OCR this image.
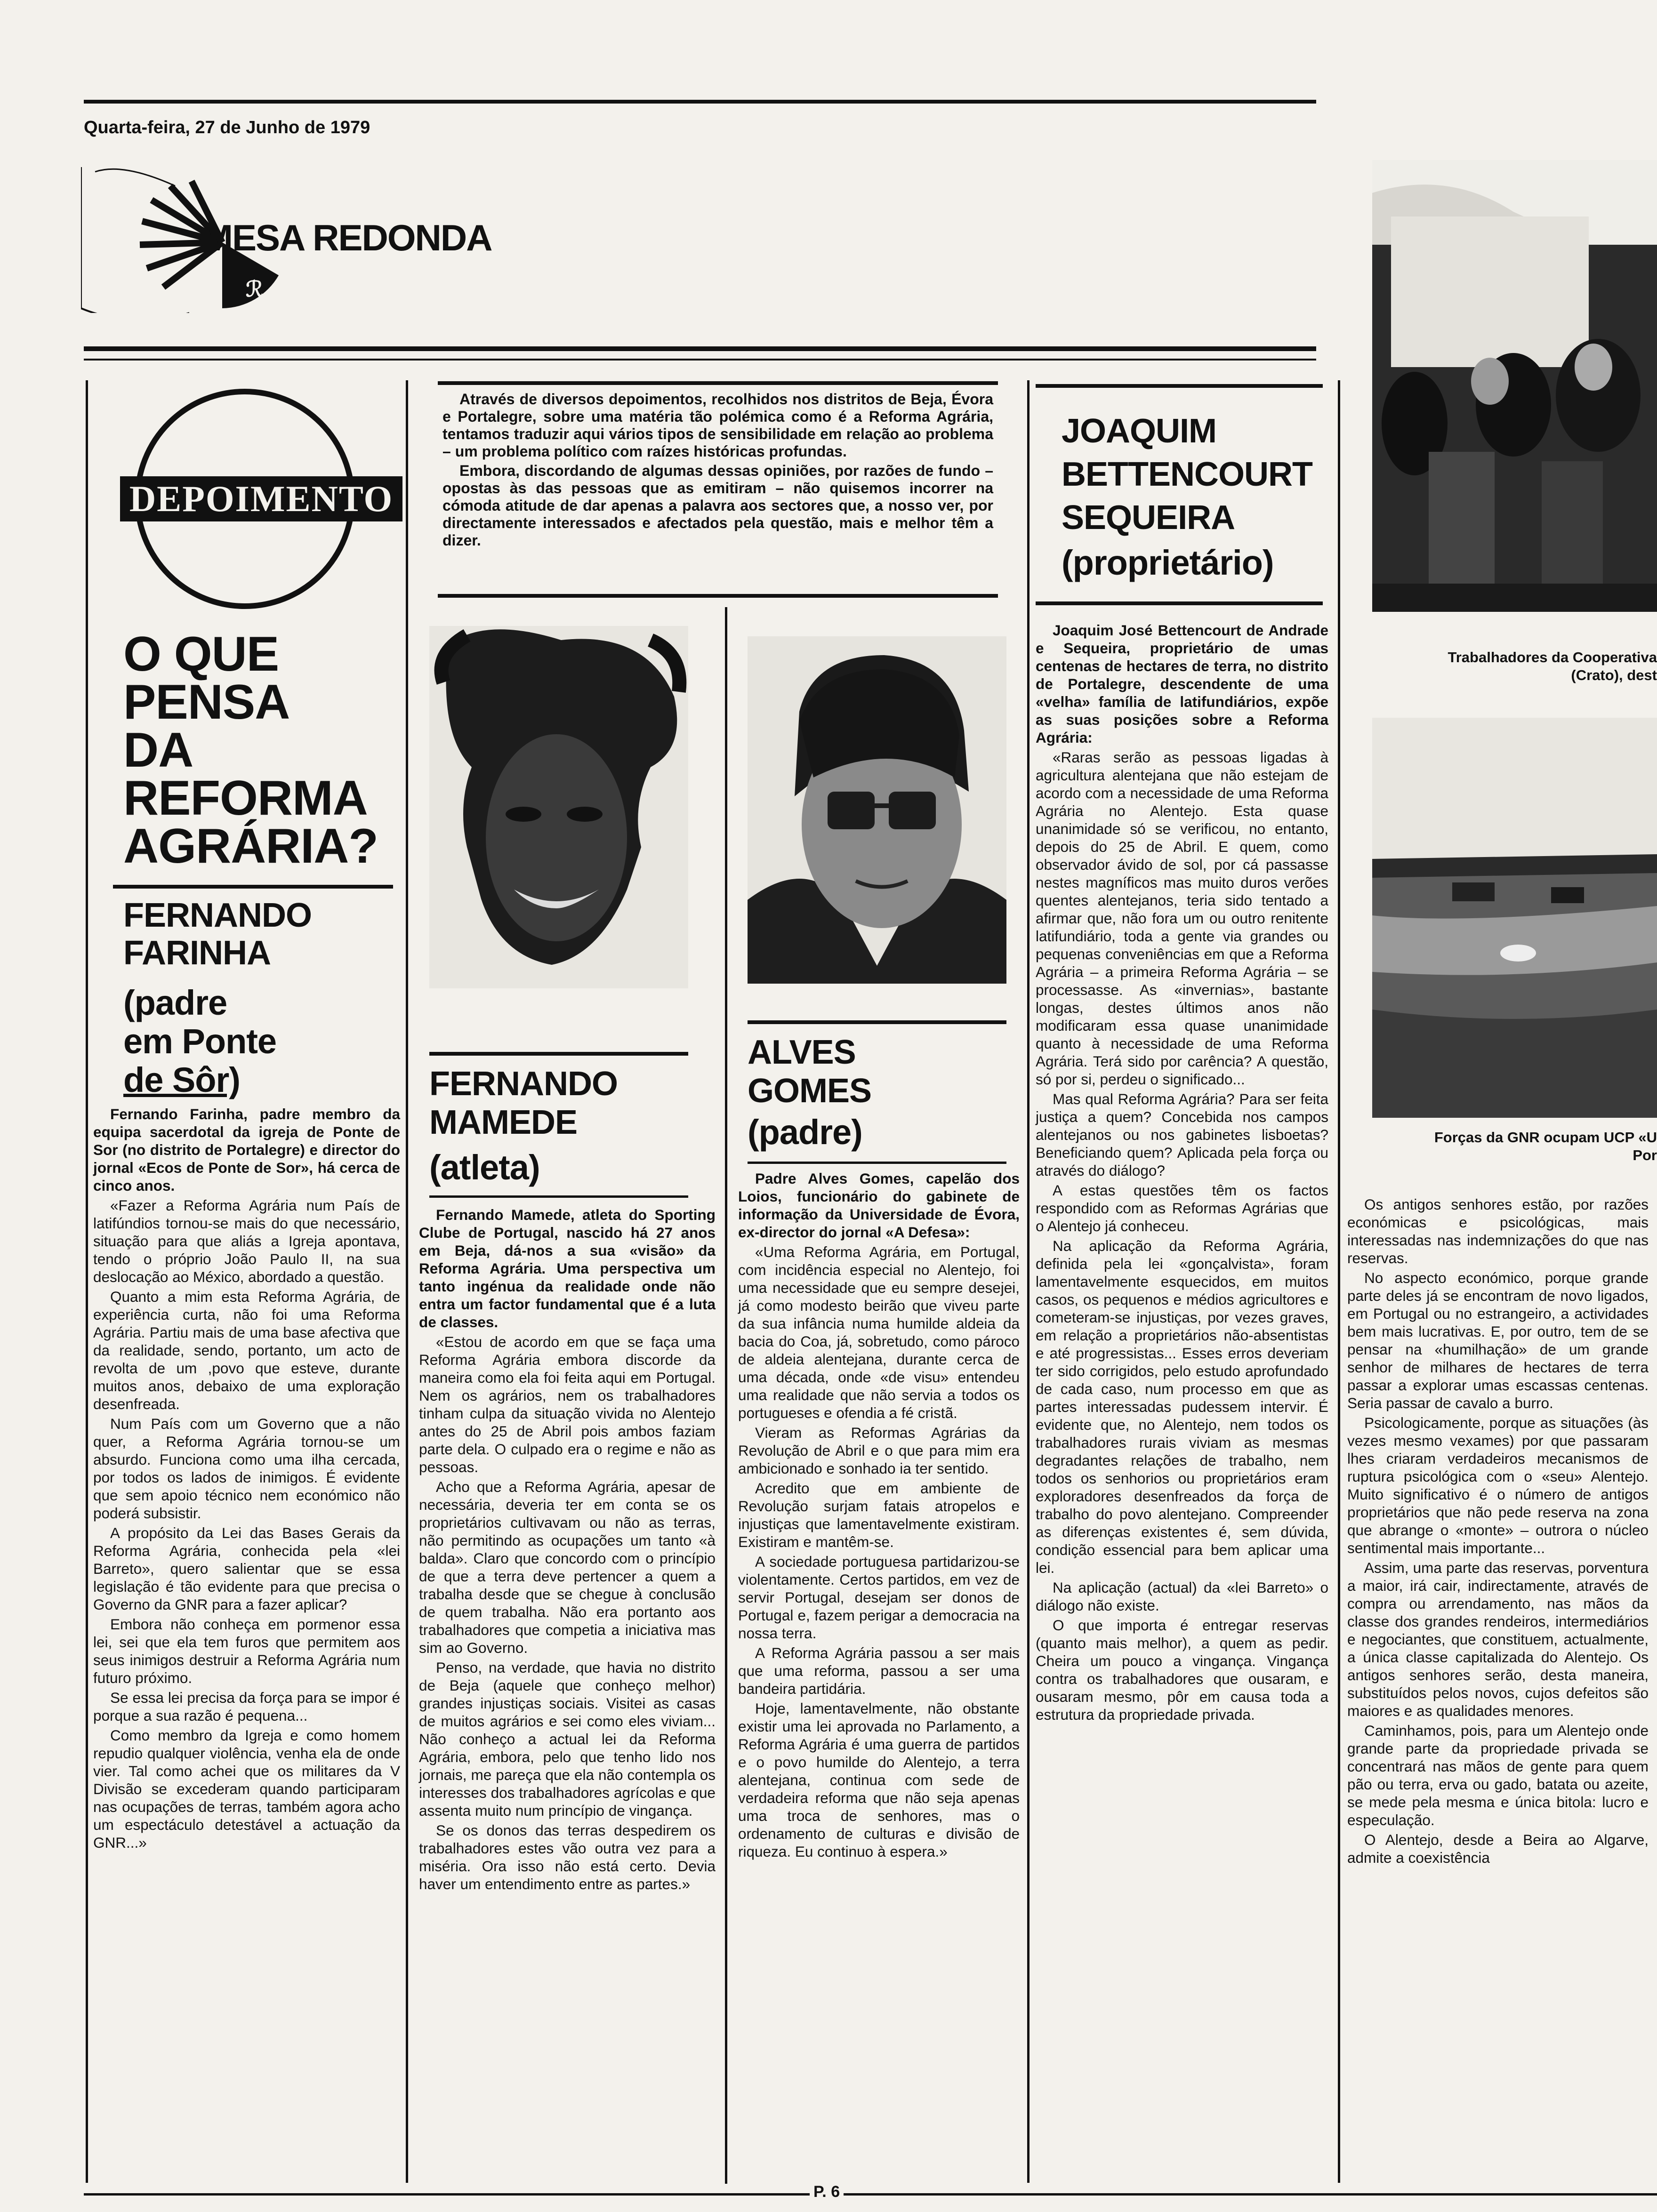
Quarta-feira, 27 de Junho de 1979
ℛ
MESA REDONDA
DEPOIMENTO
O QUE
PENSA
DA
REFORMA
AGRÁRIA?
FERNANDO
FARINHA
(padre
em Ponte
de Sôr)

Fernando Farinha, padre membro da equipa sacerdotal da igreja de Ponte de Sor (no distrito de Portalegre) e director do jornal «Ecos de Ponte de Sor», há cerca de cinco anos.

«Fazer a Reforma Agrária num País de latifúndios tornou-se mais do que necessário, situação para que aliás a Igreja apontava, tendo o próprio João Paulo II, na sua deslocação ao México, abordado a questão.

Quanto a mim esta Reforma Agrária, de experiência curta, não foi uma Reforma Agrária. Partiu mais de uma base afectiva que da realidade, sendo, portanto, um acto de revolta de um ,povo que esteve, durante muitos anos, debaixo de uma exploração desenfreada.

Num País com um Governo que a não quer, a Reforma Agrária tornou-se um absurdo. Funciona como uma ilha cercada, por todos os lados de inimigos. É evidente que sem apoio técnico nem económico não poderá subsistir.

A propósito da Lei das Bases Gerais da Reforma Agrária, conhecida pela «lei Barreto», quero salientar que se essa legislação é tão evidente para que precisa o Governo da GNR para a fazer aplicar?

Embora não conheça em pormenor essa lei, sei que ela tem furos que permitem aos seus inimigos destruir a Reforma Agrária num futuro próximo.

Se essa lei precisa da força para se impor é porque a sua razão é pequena...

Como membro da Igreja e como homem repudio qualquer violência, venha ela de onde vier. Tal como achei que os militares da V Divisão se excederam quando participaram nas ocupações de terras, também agora acho um espectáculo detestável a actuação da GNR...»

Através de diversos depoimentos, recolhidos nos distritos de Beja, Évora e Portalegre, sobre uma matéria tão polémica como é a Reforma Agrária, tentamos traduzir aqui vários tipos de sensibilidade em relação ao problema – um problema político com raízes históricas profundas.

Embora, discordando de algumas dessas opiniões, por razões de fundo – opostas às das pessoas que as emitiram – não quisemos incorrer na cómoda atitude de dar apenas a palavra aos sectores que, a nosso ver, por directamente interessados e afectados pela questão, mais e melhor têm a dizer.

FERNANDO
MAMEDE
(atleta)

Fernando Mamede, atleta do Sporting Clube de Portugal, nascido há 27 anos em Beja, dá-nos a sua «visão» da Reforma Agrária. Uma perspectiva um tanto ingénua da realidade onde não entra um factor fundamental que é a luta de classes.

«Estou de acordo em que se faça uma Reforma Agrária embora discorde da maneira como ela foi feita aqui em Portugal. Nem os agrários, nem os trabalhadores tinham culpa da situação vivida no Alentejo antes do 25 de Abril pois ambos faziam parte dela. O culpado era o regime e não as pessoas.

Acho que a Reforma Agrária, apesar de necessária, deveria ter em conta se os proprietários cultivavam ou não as terras, não permitindo as ocupações um tanto «à balda». Claro que concordo com o princípio de que a terra deve pertencer a quem a trabalha desde que se chegue à conclusão de quem trabalha. Não era portanto aos trabalhadores que competia a iniciativa mas sim ao Governo.

Penso, na verdade, que havia no distrito de Beja (aquele que conheço melhor) grandes injustiças sociais. Visitei as casas de muitos agrários e sei como eles viviam... Não conheço a actual lei da Reforma Agrária, embora, pelo que tenho lido nos jornais, me pareça que ela não contempla os interesses dos trabalhadores agrícolas e que assenta muito num princípio de vingança.

Se os donos das terras despedirem os trabalhadores estes vão outra vez para a miséria. Ora isso não está certo. Devia haver um entendimento entre as partes.»

ALVES
GOMES
(padre)

Padre Alves Gomes, capelão dos Loios, funcionário do gabinete de informação da Universidade de Évora, ex-director do jornal «A Defesa»:

«Uma Reforma Agrária, em Portugal, com incidência especial no Alentejo, foi uma necessidade que eu sempre desejei, já como modesto beirão que viveu parte da sua infância numa humilde aldeia da bacia do Coa, já, sobretudo, como pároco de aldeia alentejana, durante cerca de uma década, onde «de visu» entendeu uma realidade que não servia a todos os portugueses e ofendia a fé cristã.

Vieram as Reformas Agrárias da Revolução de Abril e o que para mim era ambicionado e sonhado ia ter sentido.

Acredito que em ambiente de Revolução surjam fatais atropelos e injustiças que lamentavelmente existiram. Existiram e mantêm-se.

A sociedade portuguesa partidarizou-se violentamente. Certos partidos, em vez de servir Portugal, desejam ser donos de Portugal e, fazem perigar a democracia na nossa terra.

A Reforma Agrária passou a ser mais que uma reforma, passou a ser uma bandeira partidária.

Hoje, lamentavelmente, não obstante existir uma lei aprovada no Parlamento, a Reforma Agrária é uma guerra de partidos e o povo humilde do Alentejo, a terra alentejana, continua com sede de verdadeira reforma que não seja apenas uma troca de senhores, mas o ordenamento de culturas e divisão de riqueza. Eu continuo à espera.»

JOAQUIM
BETTENCOURT
SEQUEIRA
(proprietário)

Joaquim José Bettencourt de Andrade e Sequeira, proprietário de umas centenas de hectares de terra, no distrito de Portalegre, descendente de uma «velha» família de latifundiários, expõe as suas posições sobre a Reforma Agrária:

«Raras serão as pessoas ligadas à agricultura alentejana que não estejam de acordo com a necessidade de uma Reforma Agrária no Alentejo. Esta quase unanimidade só se verificou, no entanto, depois do 25 de Abril. E quem, como observador ávido de sol, por cá passasse nestes magníficos mas muito duros verões quentes alentejanos, teria sido tentado a afirmar que, não fora um ou outro renitente latifundiário, toda a gente via grandes ou pequenas conveniências em que a Reforma Agrária – a primeira Reforma Agrária – se processasse. As «invernias», bastante longas, destes últimos anos não modificaram essa quase unanimidade quanto à necessidade de uma Reforma Agrária. Terá sido por carência? A questão, só por si, perdeu o significado...

Mas qual Reforma Agrária? Para ser feita justiça a quem? Concebida nos campos alentejanos ou nos gabinetes lisboetas? Beneficiando quem? Aplicada pela força ou através do diálogo?

A estas questões têm os factos respondido com as Reformas Agrárias que o Alentejo já conheceu.

Na aplicação da Reforma Agrária, definida pela lei «gonçalvista», foram lamentavelmente esquecidos, em muitos casos, os pequenos e médios agricultores e cometeram-se injustiças, por vezes graves, em relação a proprietários não-absentistas e até progressistas... Esses erros deveriam ter sido corrigidos, pelo estudo aprofundado de cada caso, num processo em que as partes interessadas pudessem intervir. É evidente que, no Alentejo, nem todos os trabalhadores rurais viviam as mesmas degradantes relações de trabalho, nem todos os senhorios ou proprietários eram exploradores desenfreados da força de trabalho do povo alentejano. Compreender as diferenças existentes é, sem dúvida, condição essencial para bem aplicar uma lei.

Na aplicação (actual) da «lei Barreto» o diálogo não existe.

O que importa é entregar reservas (quanto mais melhor), a quem as pedir. Cheira um pouco a vingança. Vingança contra os trabalhadores que ousaram, e ousaram mesmo, pôr em causa toda a estrutura da propriedade privada.

Trabalhadores da Cooperativa
(Crato), dest
Forças da GNR ocupam UCP «U
Por

Os antigos senhores estão, por razões económicas e psicológicas, mais interessadas nas indemnizações do que nas reservas.

No aspecto económico, porque grande parte deles já se encontram de novo ligados, em Portugal ou no estrangeiro, a actividades bem mais lucrativas. E, por outro, tem de se pensar na «humilhação» de um grande senhor de milhares de hectares de terra passar a explorar umas escassas centenas. Seria passar de cavalo a burro.

Psicologicamente, porque as situações (às vezes mesmo vexames) por que passaram lhes criaram verdadeiros mecanismos de ruptura psicológica com o «seu» Alentejo. Muito significativo é o número de antigos proprietários que não pede reserva na zona que abrange o «monte» – outrora o núcleo sentimental mais importante...

Assim, uma parte das reservas, porventura a maior, irá cair, indirectamente, através de compra ou arrendamento, nas mãos da classe dos grandes rendeiros, intermediários e negociantes, que constituem, actualmente, a única classe capitalizada do Alentejo. Os antigos senhores serão, desta maneira, substituídos pelos novos, cujos defeitos são maiores e as qualidades menores.

Caminhamos, pois, para um Alentejo onde grande parte da propriedade privada se concentrará nas mãos de gente para quem pão ou terra, erva ou gado, batata ou azeite, se mede pela mesma e única bitola: lucro e especulação.

O Alentejo, desde a Beira ao Algarve, admite a coexistência

P. 6
